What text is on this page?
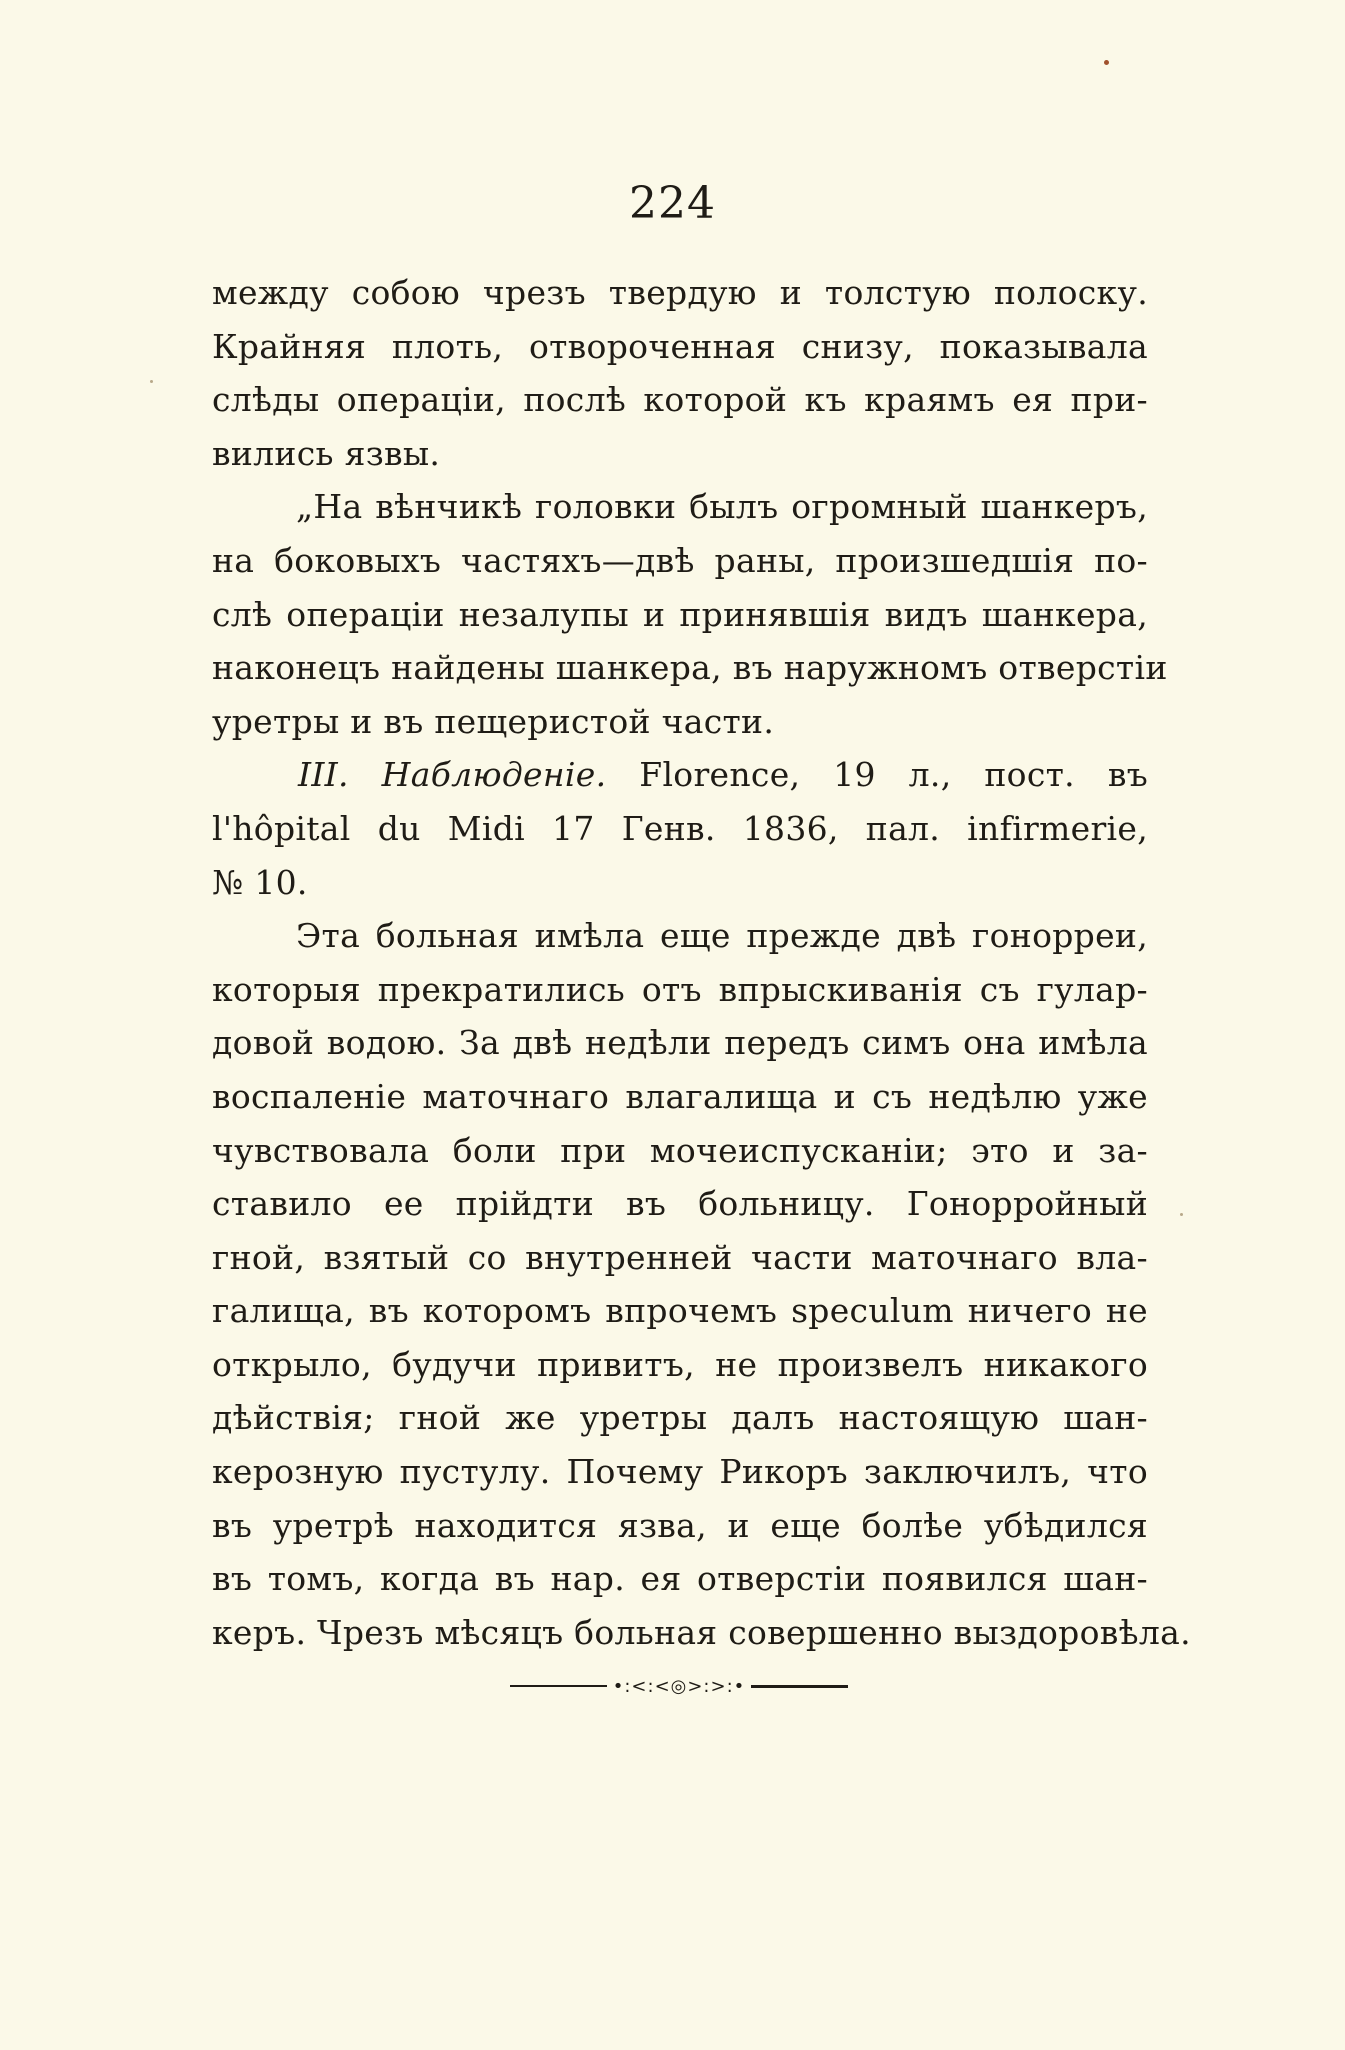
224
между собою чрезъ твердую и толстую полоску.
Крайняя плоть, отвороченная снизу, показывала
слѣды операціи, послѣ которой къ краямъ ея при-
вились язвы.
„На вѣнчикѣ головки былъ огромный шанкеръ,
на боковыхъ частяхъ—двѣ раны, произшедшія по-
слѣ операціи незалупы и принявшія видъ шанкера,
наконецъ найдены шанкера, въ наружномъ отверстіи
уретры и въ пещеристой части.
III. Наблюденіе. Florence, 19 л., пост. въ
l'hôpital du Midi 17 Генв. 1836, пал. infirmerie,
№ 10.
Эта больная имѣла еще прежде двѣ гонорреи,
которыя прекратились отъ впрыскиванія съ гулар-
довой водою. За двѣ недѣли передъ симъ она имѣла
воспаленіе маточнаго влагалища и съ недѣлю уже
чувствовала боли при мочеиспусканіи; это и за-
ставило ее прійдти въ больницу. Гонорройный
гной, взятый со внутренней части маточнаго вла-
галища, въ которомъ впрочемъ speculum ничего не
открыло, будучи привитъ, не произвелъ никакого
дѣйствія; гной же уретры далъ настоящую шан-
керозную пустулу. Почему Рикоръ заключилъ, что
въ уретрѣ находится язва, и еще болѣе убѣдился
въ томъ, когда въ нар. ея отверстіи появился шан-
керъ. Чрезъ мѣсяцъ больная совершенно выздоровѣла.
•:<:<◎>:>:•
